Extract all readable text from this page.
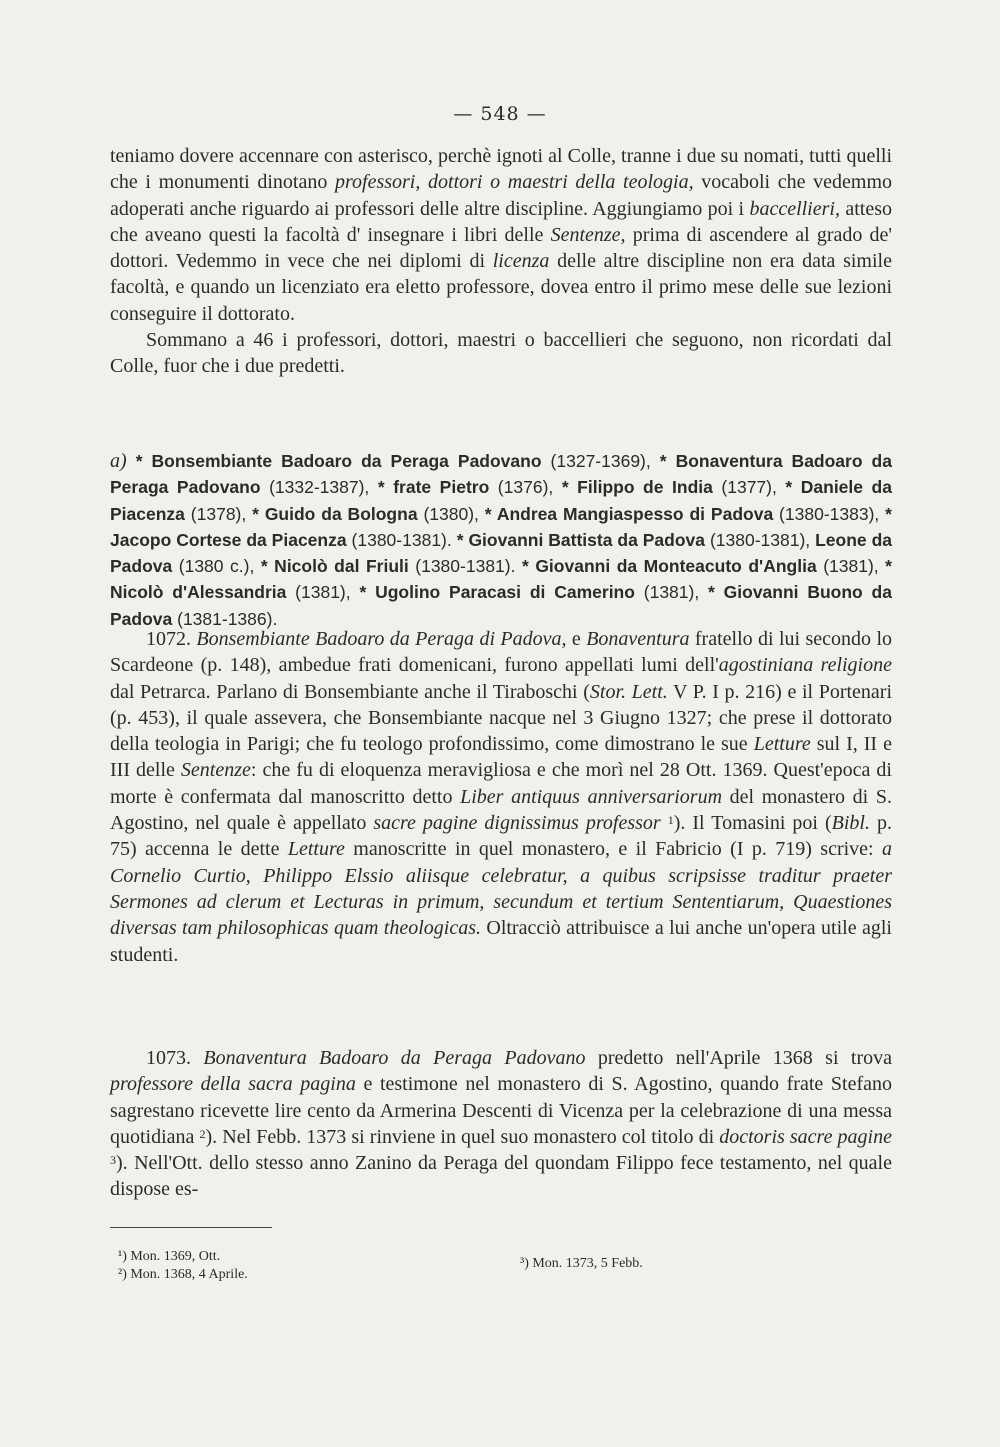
— 548 —

teniamo dovere accennare con asterisco, perchè ignoti al Colle, tranne i due su nomati, tutti quelli che i monumenti dinotano professori, dottori o maestri della teologia, vocaboli che vedemmo adoperati anche riguardo ai professori delle altre discipline. Aggiungiamo poi i baccellieri, atteso che aveano questi la facoltà d' insegnare i libri delle Sentenze, prima di ascendere al grado de' dottori. Vedemmo in vece che nei diplomi di licenza delle altre discipline non era data simile facoltà, e quando un licenziato era eletto professore, dovea entro il primo mese delle sue lezioni conseguire il dottorato.

Sommano a 46 i professori, dottori, maestri o baccellieri che seguono, non ricordati dal Colle, fuor che i due predetti.

a) * Bonsembiante Badoaro da Peraga Padovano (1327-1369), * Bonaventura Badoaro da Peraga Padovano (1332-1387), * frate Pietro (1376), * Filippo de India (1377), * Daniele da Piacenza (1378), * Guido da Bologna (1380), * Andrea Mangiaspesso di Padova (1380-1383), * Jacopo Cortese da Piacenza (1380-1381). * Giovanni Battista da Padova (1380-1381), Leone da Padova (1380 c.), * Nicolò dal Friuli (1380-1381). * Giovanni da Monteacuto d'Anglia (1381), * Nicolò d'Alessandria (1381), * Ugolino Paracasi di Camerino (1381), * Giovanni Buono da Padova (1381-1386).

1072. Bonsembiante Badoaro da Peraga di Padova, e Bonaventura fratello di lui secondo lo Scardeone (p. 148), ambedue frati domenicani, furono appellati lumi dell'agostiniana religione dal Petrarca. Parlano di Bonsembiante anche il Tiraboschi (Stor. Lett. V P. I p. 216) e il Portenari (p. 453), il quale assevera, che Bonsembiante nacque nel 3 Giugno 1327; che prese il dottorato della teologia in Parigi; che fu teologo profondissimo, come dimostrano le sue Letture sul I, II e III delle Sentenze: che fu di eloquenza meravigliosa e che morì nel 28 Ott. 1369. Quest'epoca di morte è confermata dal manoscritto detto Liber antiquus anniversariorum del monastero di S. Agostino, nel quale è appellato sacre pagine dignissimus professor $^1$). Il Tomasini poi (Bibl. p. 75) accenna le dette Letture manoscritte in quel monastero, e il Fabricio (I p. 719) scrive: a Cornelio Curtio, Philippo Elssio aliisque celebratur, a quibus scripsisse traditur praeter Sermones ad clerum et Lecturas in primum, secundum et tertium Sententiarum, Quaestiones diversas tam philosophicas quam theologicas. Oltracciò attribuisce a lui anche un'opera utile agli studenti.

1073. Bonaventura Badoaro da Peraga Padovano predetto nell'Aprile 1368 si trova professore della sacra pagina e testimone nel monastero di S. Agostino, quando frate Stefano sagrestano ricevette lire cento da Armerina Descenti di Vicenza per la celebrazione di una messa quotidiana $^2$). Nel Febb. 1373 si rinviene in quel suo monastero col titolo di doctoris sacre pagine $^3$). Nell'Ott. dello stesso anno Zanino da Peraga del quondam Filippo fece testamento, nel quale dispose es-

¹) Mon. 1369, Ott.
²) Mon. 1368, 4 Aprile.
³) Mon. 1373, 5 Febb.
